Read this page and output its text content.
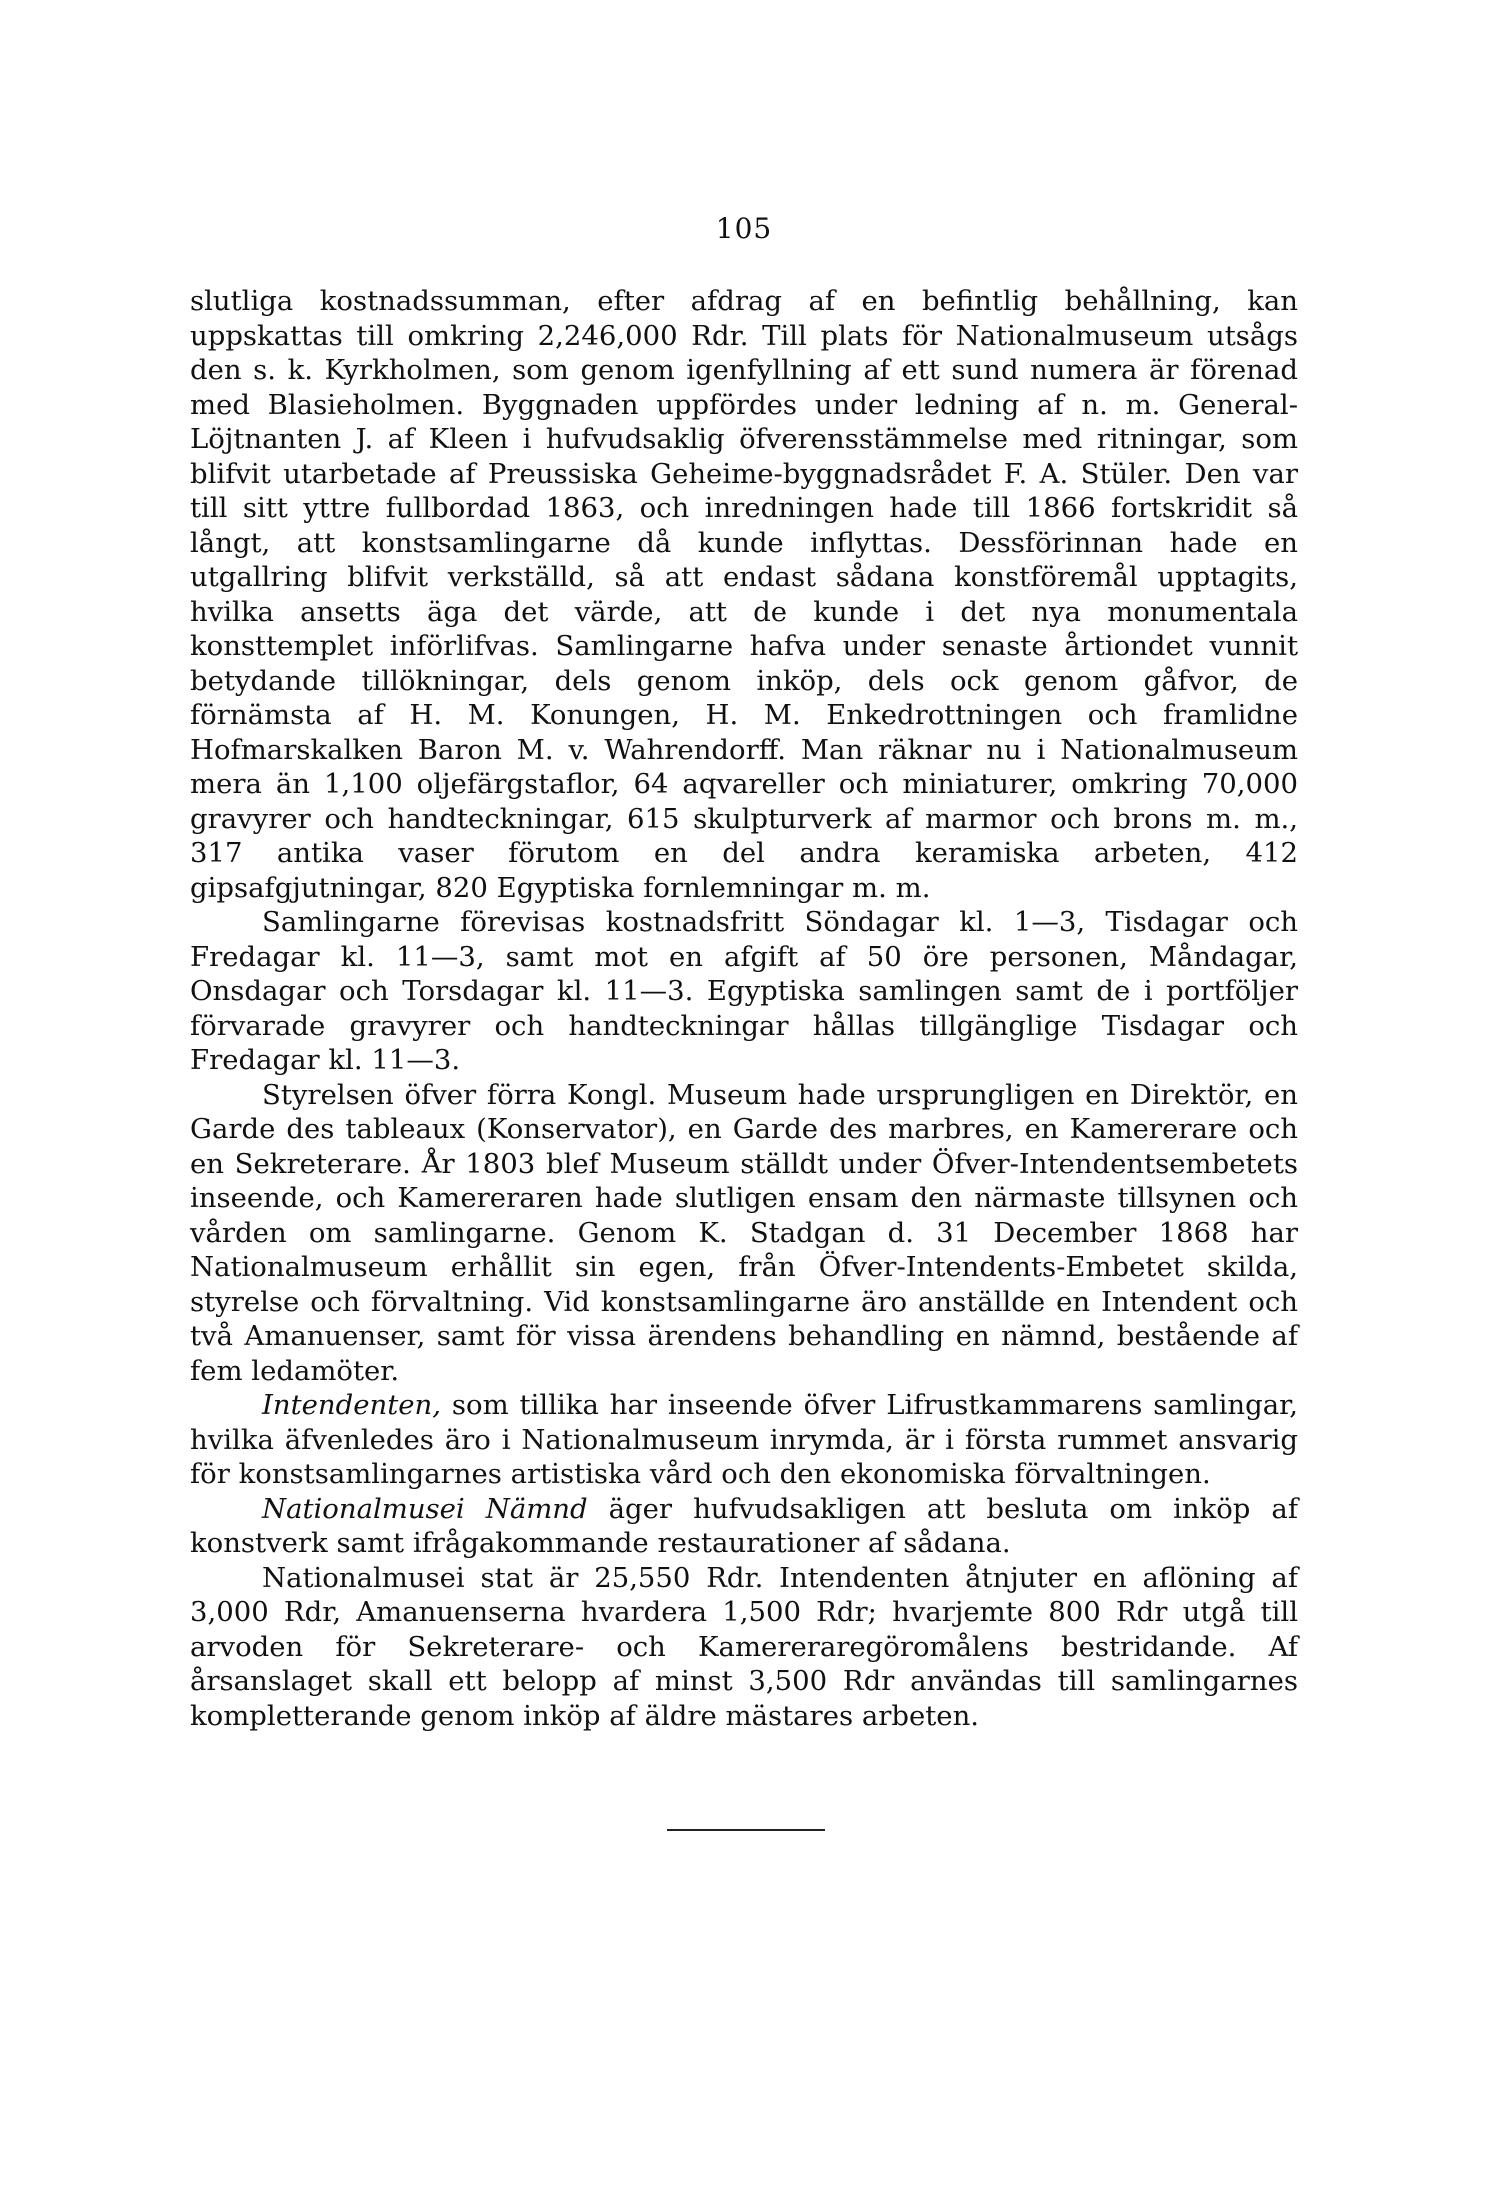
105

slutliga kostnadssumman, efter afdrag af en befintlig behållning, kan uppskattas till omkring 2,246,000 Rdr. Till plats för Nationalmuseum utsågs den s. k. Kyrkholmen, som genom igenfyllning af ett sund numera är förenad med Blasieholmen. Byggnaden uppfördes under ledning af n. m. General-Löjtnanten J. af Kleen i hufvudsaklig öfverensstämmelse med ritningar, som blifvit utarbetade af Preussiska Geheime-byggnadsrådet F. A. Stüler. Den var till sitt yttre fullbordad 1863, och inredningen hade till 1866 fortskridit så långt, att konstsamlingarne då kunde inflyttas. Dessförinnan hade en utgallring blifvit verkställd, så att endast sådana konstföremål upptagits, hvilka ansetts äga det värde, att de kunde i det nya monumentala konsttemplet införlifvas. Samlingarne hafva under senaste årtiondet vunnit betydande tillökningar, dels genom inköp, dels ock genom gåfvor, de förnämsta af H. M. Konungen, H. M. Enkedrottningen och framlidne Hofmarskalken Baron M. v. Wahrendorff. Man räknar nu i Nationalmuseum mera än 1,100 oljefärgstaflor, 64 aqvareller och miniaturer, omkring 70,000 gravyrer och handteckningar, 615 skulpturverk af marmor och brons m. m., 317 antika vaser förutom en del andra keramiska arbeten, 412 gipsafgjutningar, 820 Egyptiska fornlemningar m. m.

Samlingarne förevisas kostnadsfritt Söndagar kl. 1—3, Tisdagar och Fredagar kl. 11—3, samt mot en afgift af 50 öre personen, Måndagar, Onsdagar och Torsdagar kl. 11—3. Egyptiska samlingen samt de i portföljer förvarade gravyrer och handteckningar hållas tillgänglige Tisdagar och Fredagar kl. 11—3.

Styrelsen öfver förra Kongl. Museum hade ursprungligen en Direktör, en Garde des tableaux (Konservator), en Garde des marbres, en Kamererare och en Sekreterare. År 1803 blef Museum ställdt under Öfver-Intendentsembetets inseende, och Kamereraren hade slutligen ensam den närmaste tillsynen och vården om samlingarne. Genom K. Stadgan d. 31 December 1868 har Nationalmuseum erhållit sin egen, från Öfver-Intendents-Embetet skilda, styrelse och förvaltning. Vid konstsamlingarne äro anställde en Intendent och två Amanuenser, samt för vissa ärendens behandling en nämnd, bestående af fem ledamöter.

Intendenten, som tillika har inseende öfver Lifrustkammarens samlingar, hvilka äfvenledes äro i Nationalmuseum inrymda, är i första rummet ansvarig för konstsamlingarnes artistiska vård och den ekonomiska förvaltningen.

Nationalmusei Nämnd äger hufvudsakligen att besluta om inköp af konstverk samt ifrågakommande restaurationer af sådana.

Nationalmusei stat är 25,550 Rdr. Intendenten åtnjuter en aflöning af 3,000 Rdr, Amanuenserna hvardera 1,500 Rdr; hvarjemte 800 Rdr utgå till arvoden för Sekreterare- och Kamereraregöromålens bestridande. Af årsanslaget skall ett belopp af minst 3,500 Rdr användas till samlingarnes kompletterande genom inköp af äldre mästares arbeten.
